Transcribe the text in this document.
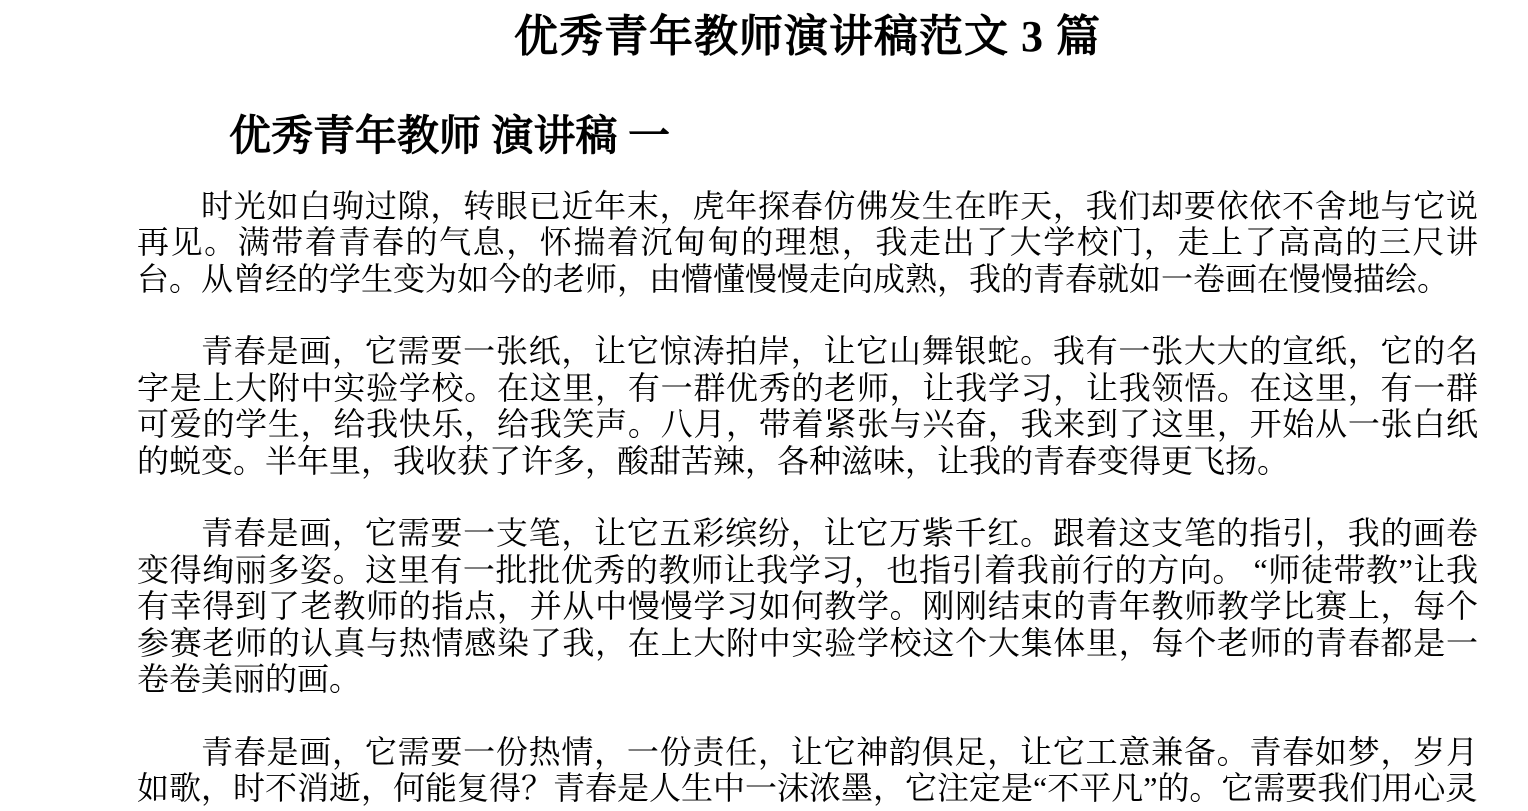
优秀青年教师演讲稿范文 3 篇
优秀青年教师 演讲稿 一

时光如白驹过隙，转眼已近年末，虎年探春仿佛发生在昨天，我们却要依依不舍地与它说再见。满带着青春的气息，怀揣着沉甸甸的理想，我走出了大学校门，走上了高高的三尺讲台。从曾经的学生变为如今的老师，由懵懂慢慢走向成熟，我的青春就如一卷画在慢慢描绘。

青春是画，它需要一张纸，让它惊涛拍岸，让它山舞银蛇。我有一张大大的宣纸，它的名字是上大附中实验学校。在这里，有一群优秀的老师，让我学习，让我领悟。在这里，有一群可爱的学生，给我快乐，给我笑声。八月，带着紧张与兴奋，我来到了这里，开始从一张白纸的蜕变。半年里，我收获了许多，酸甜苦辣，各种滋味，让我的青春变得更飞扬。

青春是画，它需要一支笔，让它五彩缤纷，让它万紫千红。跟着这支笔的指引，我的画卷变得绚丽多姿。这里有一批批优秀的教师让我学习，也指引着我前行的方向。 “师徒带教”让我有幸得到了老教师的指点，并从中慢慢学习如何教学。刚刚结束的青年教师教学比赛上，每个参赛老师的认真与热情感染了我，在上大附中实验学校这个大集体里，每个老师的青春都是一卷卷美丽的画。

青春是画，它需要一份热情，一份责任，让它神韵俱足，让它工意兼备。青春如梦，岁月如歌，时不消逝，何能复得？青春是人生中一沫浓墨，它注定是“不平凡”的。它需要我们用心灵
